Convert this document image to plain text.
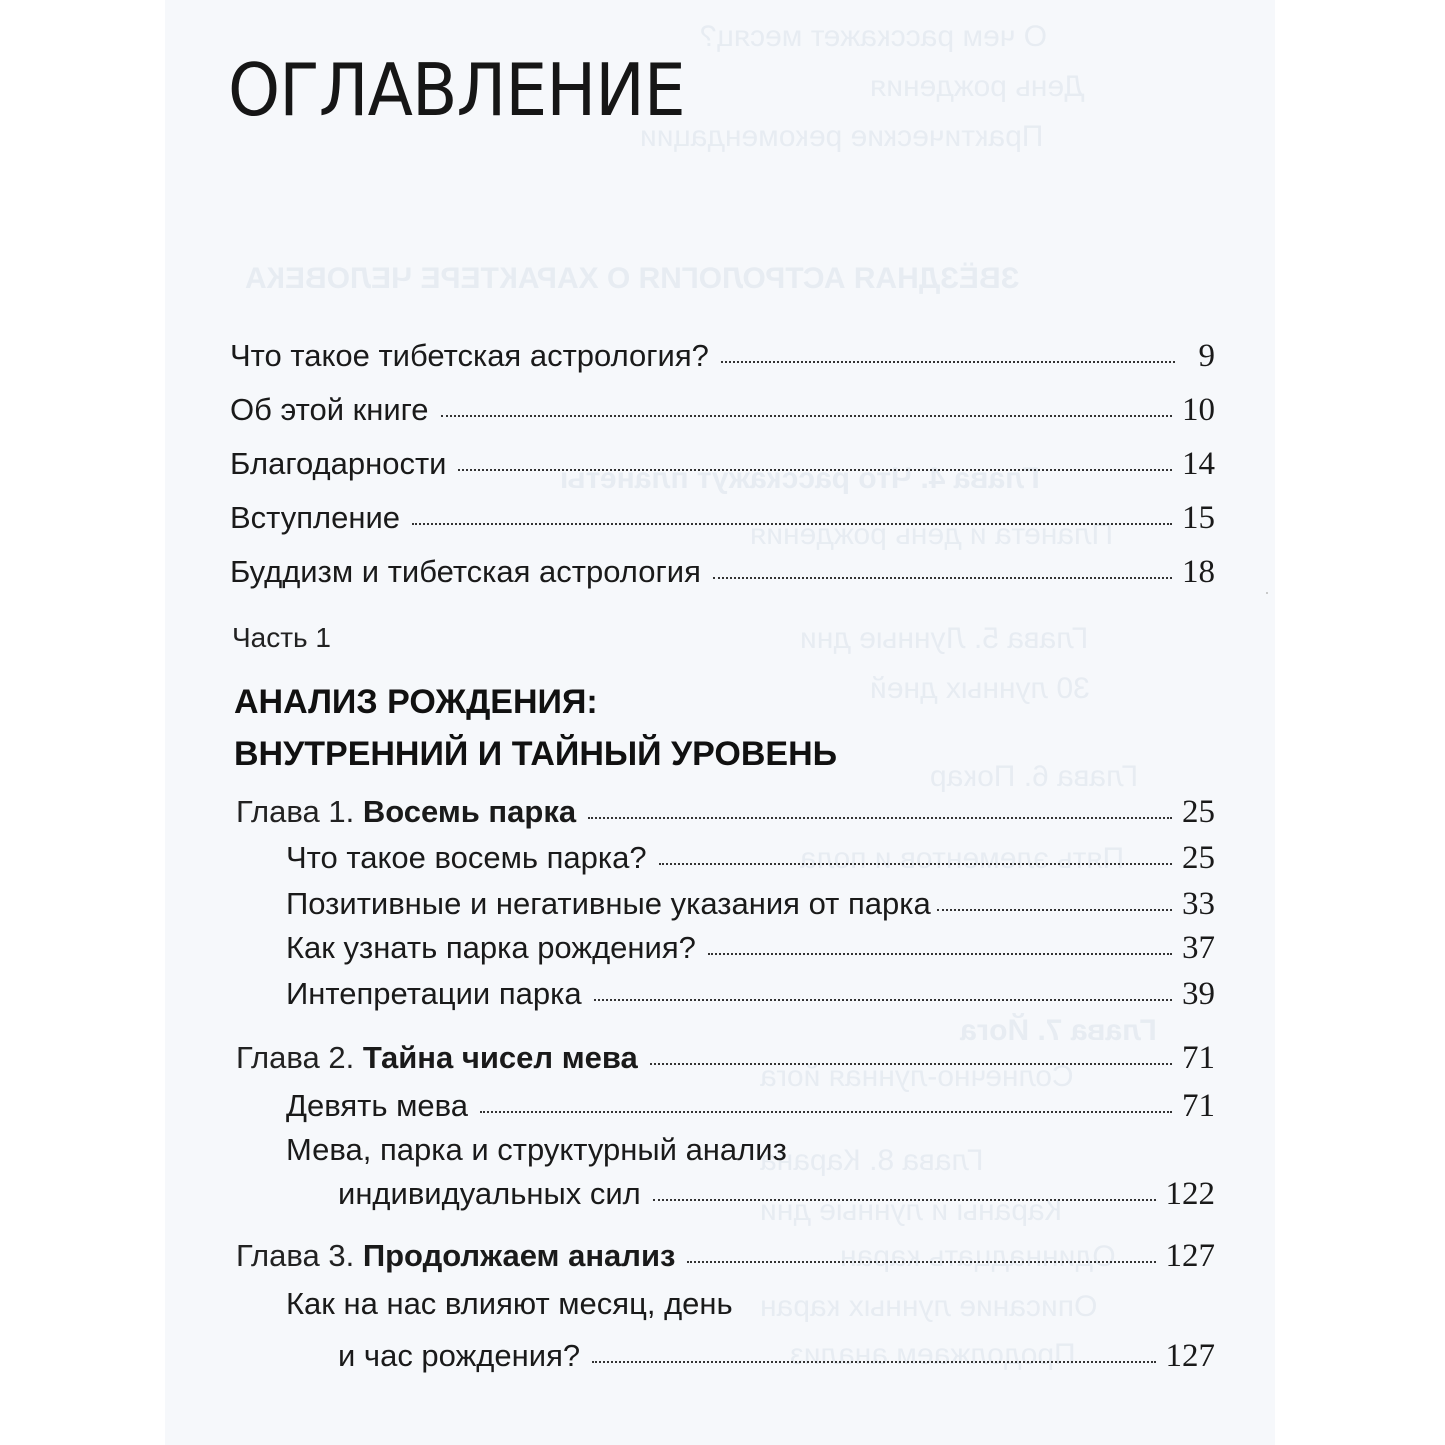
О чем расскажет месяц?
День рождения
Практические рекомендации
ЗВЁЗДНАЯ АСТРОЛОГИЯ О ХАРАКТЕРЕ ЧЕЛОВЕКА
Глава 4. Что расскажут планеты
Планета и день рождения
Глава 5. Лунные дни
30 лунных дней
Глава 6. Покар
Пять элементов и пола
Глава 7. Йога
Солнечно-лунная йога
Глава 8. Карана
Караны и лунные дни
Одиннадцать каран
Описание лунных каран
Продолжаем анализ
ОГЛАВЛЕНИЕ
Что такое тибетская астрология?	9
Об этой книге	10
Благодарности	14
Вступление	15
Буддизм и тибетская астрология	18
Часть 1
АНАЛИЗ РОЖДЕНИЯ:
ВНУТРЕННИЙ И ТАЙНЫЙ УРОВЕНЬ
Глава 1. Восемь парка	25
Что такое восемь парка?	25
Позитивные и негативные указания от парка	33
Как узнать парка рождения?	37
Интепретации парка	39
Глава 2. Тайна чисел мева	71
Девять мева	71
Мева, парка и структурный анализ
индивидуальных сил	122
Глава 3. Продолжаем анализ	127
Как на нас влияют месяц, день
и час рождения?	127
